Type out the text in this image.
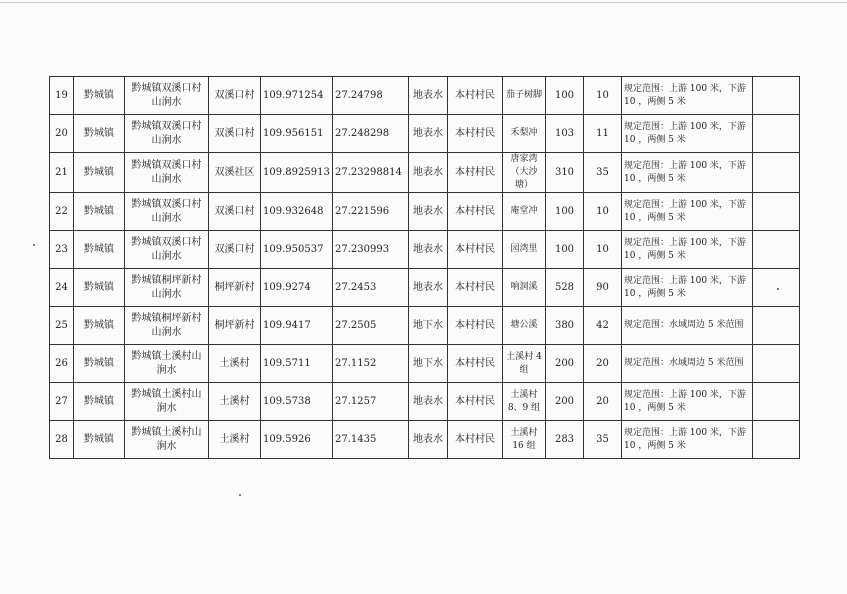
19	黔城镇	黔城镇双溪口村山涧水	双溪口村	109.971254	27.24798	地表水	本村村民	茄子树脚	100	10	规定范围：上游 100 米，下游 10 ，两侧 5 米	
20	黔城镇	黔城镇双溪口村山涧水	双溪口村	109.956151	27.248298	地表水	本村村民	禾梨冲	103	11	规定范围：上游 100 米，下游 10 ，两侧 5 米	
21	黔城镇	黔城镇双溪口村山涧水	双溪社区	109.8925913	27.23298814	地表水	本村村民	唐家湾（大沙塘）	310	35	规定范围：上游 100 米，下游 10 ，两侧 5 米	
22	黔城镇	黔城镇双溪口村山涧水	双溪口村	109.932648	27.221596	地表水	本村村民	庵堂冲	100	10	规定范围：上游 100 米，下游 10 ，两侧 5 米	
23	黔城镇	黔城镇双溪口村山涧水	双溪口村	109.950537	27.230993	地表水	本村村民	园湾里	100	10	规定范围：上游 100 米，下游 10 ，两侧 5 米	
24	黔城镇	黔城镇桐坪新村山涧水	桐坪新村	109.9274	27.2453	地表水	本村村民	响洞溪	528	90	规定范围：上游 100 米，下游 10 ，两侧 5 米	
25	黔城镇	黔城镇桐坪新村山涧水	桐坪新村	109.9417	27.2505	地下水	本村村民	塘公溪	380	42	规定范围：水域周边 5 米范围	
26	黔城镇	黔城镇土溪村山涧水	土溪村	109.5711	27.1152	地下水	本村村民	土溪村 4 组	200	20	规定范围：水域周边 5 米范围	
27	黔城镇	黔城镇土溪村山涧水	土溪村	109.5738	27.1257	地表水	本村村民	土溪村 8、9 组	200	20	规定范围：上游 100 米，下游 10 ，两侧 5 米	
28	黔城镇	黔城镇土溪村山涧水	土溪村	109.5926	27.1435	地表水	本村村民	土溪村 16 组	283	35	规定范围：上游 100 米，下游 10 ，两侧 5 米	
